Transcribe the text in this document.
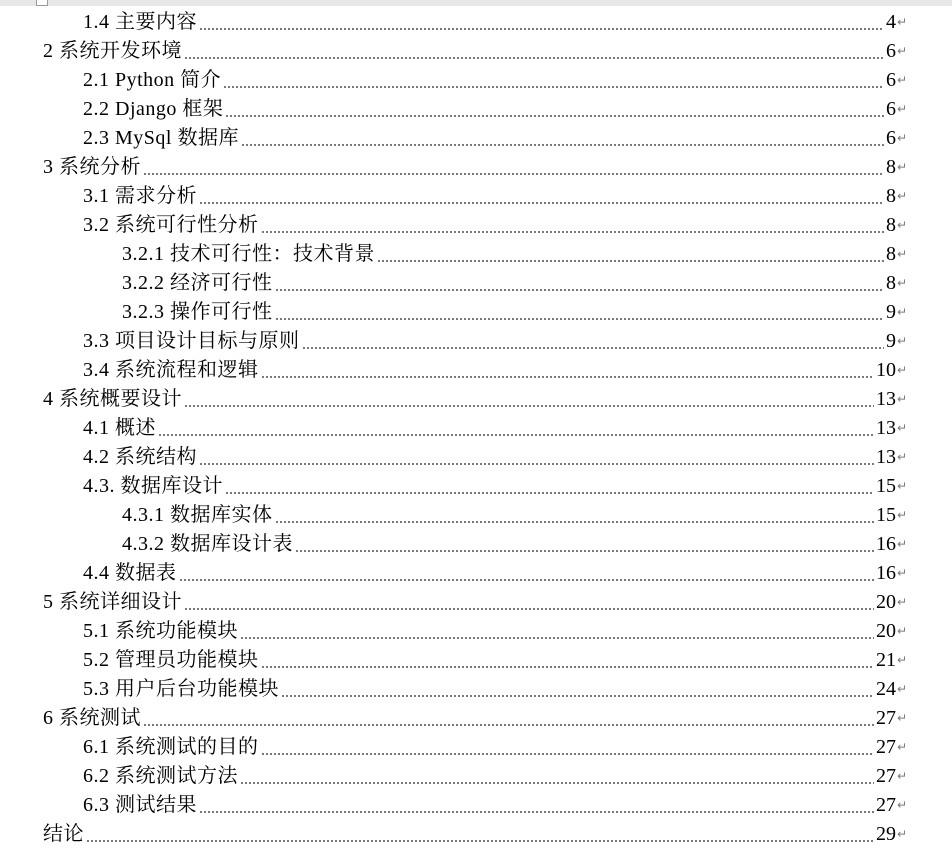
1.4 主要内容	4 ↵
2 系统开发环境	6 ↵
2.1 Python 简介	6 ↵
2.2 Django 框架	6 ↵
2.3 MySql 数据库	6 ↵
3 系统分析	8 ↵
3.1 需求分析	8 ↵
3.2 系统可行性分析	8 ↵
3.2.1 技术可行性：技术背景	8 ↵
3.2.2 经济可行性	8 ↵
3.2.3 操作可行性	9 ↵
3.3 项目设计目标与原则	9 ↵
3.4 系统流程和逻辑	10 ↵
4 系统概要设计	13 ↵
4.1 概述	13 ↵
4.2 系统结构	13 ↵
4.3. 数据库设计	15 ↵
4.3.1 数据库实体	15 ↵
4.3.2 数据库设计表	16 ↵
4.4 数据表	16 ↵
5 系统详细设计	20 ↵
5.1 系统功能模块	20 ↵
5.2 管理员功能模块	21 ↵
5.3 用户后台功能模块	24 ↵
6 系统测试	27 ↵
6.1 系统测试的目的	27 ↵
6.2 系统测试方法	27 ↵
6.3 测试结果	27 ↵
结论	29 ↵
